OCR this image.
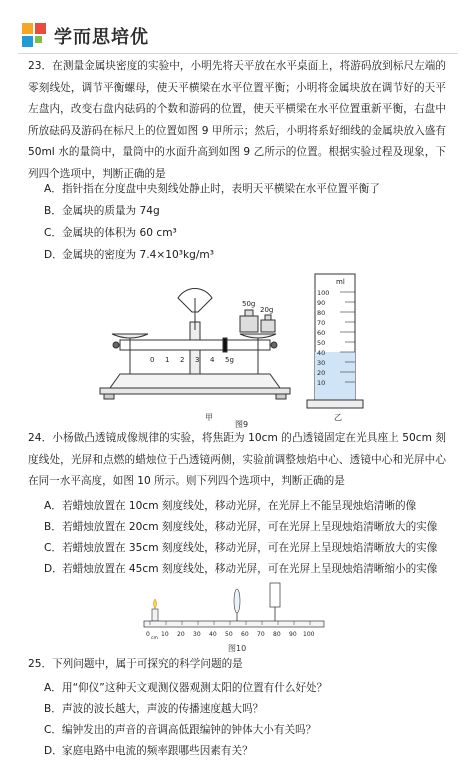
学而思培优
23．在测量金属块密度的实验中，小明先将天平放在水平桌面上，将游码放到标尺左端的零刻线处，调节平衡螺母，使天平横梁在水平位置平衡；小明将金属块放在调节好的天平左盘内，改变右盘内砝码的个数和游码的位置，使天平横梁在水平位置重新平衡，右盘中所放砝码及游码在标尺上的位置如图 9 甲所示；然后，小明将系好细线的金属块放入盛有 50ml 水的量筒中，量筒中的水面升高到如图 9 乙所示的位置。根据实验过程及现象，下列四个选项中，判断正确的是
A．指针指在分度盘中央刻线处静止时，表明天平横梁在水平位置平衡了
B．金属块的质量为 74g
C．金属块的体积为 60 cm³
D．金属块的密度为 7.4×10³kg/m³
50g
20g
0 1 2 3 4 5g
ml
100
90
80
70
60
50
40
30
20
10
甲	乙
图9
24．小杨做凸透镜成像规律的实验，将焦距为 10cm 的凸透镜固定在光具座上 50cm 刻度线处，光屏和点燃的蜡烛位于凸透镜两侧，实验前调整烛焰中心、透镜中心和光屏中心在同一水平高度，如图 10 所示。则下列四个选项中，判断正确的是
A．若蜡烛放置在 10cm 刻度线处，移动光屏，在光屏上不能呈现烛焰清晰的像
B．若蜡烛放置在 20cm 刻度线处，移动光屏，可在光屏上呈现烛焰清晰放大的实像
C．若蜡烛放置在 35cm 刻度线处，移动光屏，可在光屏上呈现烛焰清晰放大的实像
D．若蜡烛放置在 45cm 刻度线处，移动光屏，可在光屏上呈现烛焰清晰缩小的实像
0
cm
10 20 30 40 50 60 70 80 90 100
图10
25．下列问题中，属于可探究的科学问题的是
A．用“仰仪”这种天文观测仪器观测太阳的位置有什么好处？
B．声波的波长越大，声波的传播速度越大吗？
C．编钟发出的声音的音调高低跟编钟的钟体大小有关吗？
D．家庭电路中电流的频率跟哪些因素有关？
